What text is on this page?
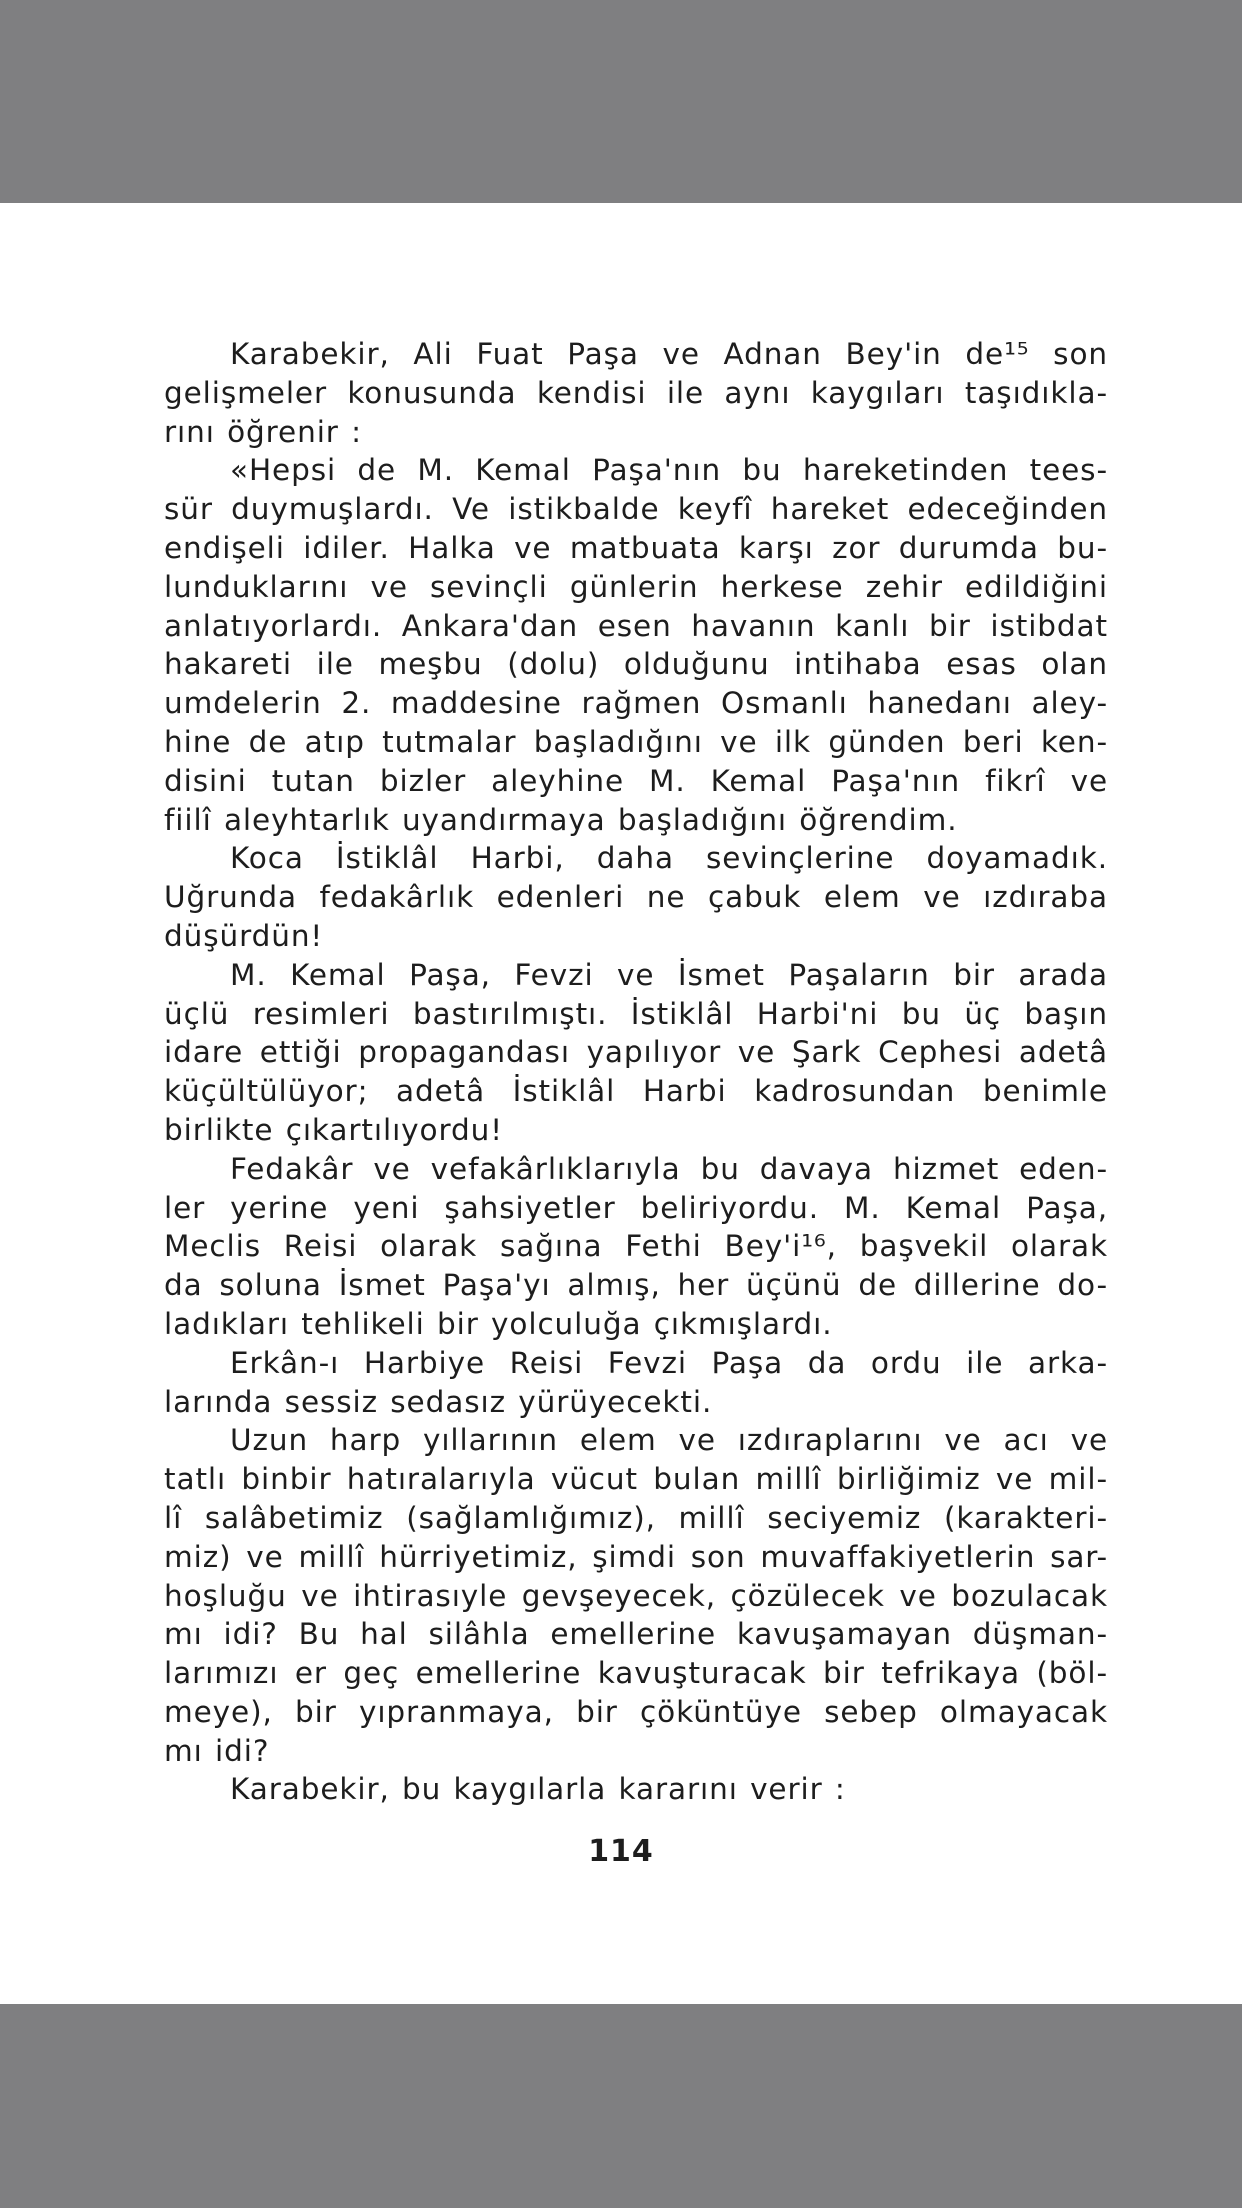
Karabekir, Ali Fuat Paşa ve Adnan Bey'in de¹⁵ son
gelişmeler konusunda kendisi ile aynı kaygıları taşıdıkla-
rını öğrenir :
«Hepsi de M. Kemal Paşa'nın bu hareketinden tees-
sür duymuşlardı. Ve istikbalde keyfî hareket edeceğinden
endişeli idiler. Halka ve matbuata karşı zor durumda bu-
lunduklarını ve sevinçli günlerin herkese zehir edildiğini
anlatıyorlardı. Ankara'dan esen havanın kanlı bir istibdat
hakareti ile meşbu (dolu) olduğunu intihaba esas olan
umdelerin 2. maddesine rağmen Osmanlı hanedanı aley-
hine de atıp tutmalar başladığını ve ilk günden beri ken-
disini tutan bizler aleyhine M. Kemal Paşa'nın fikrî ve
fiilî aleyhtarlık uyandırmaya başladığını öğrendim.
Koca İstiklâl Harbi, daha sevinçlerine doyamadık.
Uğrunda fedakârlık edenleri ne çabuk elem ve ızdıraba
düşürdün!
M. Kemal Paşa, Fevzi ve İsmet Paşaların bir arada
üçlü resimleri bastırılmıştı. İstiklâl Harbi'ni bu üç başın
idare ettiği propagandası yapılıyor ve Şark Cephesi adetâ
küçültülüyor; adetâ İstiklâl Harbi kadrosundan benimle
birlikte çıkartılıyordu!
Fedakâr ve vefakârlıklarıyla bu davaya hizmet eden-
ler yerine yeni şahsiyetler beliriyordu. M. Kemal Paşa,
Meclis Reisi olarak sağına Fethi Bey'i¹⁶, başvekil olarak
da soluna İsmet Paşa'yı almış, her üçünü de dillerine do-
ladıkları tehlikeli bir yolculuğa çıkmışlardı.
Erkân-ı Harbiye Reisi Fevzi Paşa da ordu ile arka-
larında sessiz sedasız yürüyecekti.
Uzun harp yıllarının elem ve ızdıraplarını ve acı ve
tatlı binbir hatıralarıyla vücut bulan millî birliğimiz ve mil-
lî salâbetimiz (sağlamlığımız), millî seciyemiz (karakteri-
miz) ve millî hürriyetimiz, şimdi son muvaffakiyetlerin sar-
hoşluğu ve ihtirasıyle gevşeyecek, çözülecek ve bozulacak
mı idi? Bu hal silâhla emellerine kavuşamayan düşman-
larımızı er geç emellerine kavuşturacak bir tefrikaya (böl-
meye), bir yıpranmaya, bir çöküntüye sebep olmayacak
mı idi?
Karabekir, bu kaygılarla kararını verir :
114
